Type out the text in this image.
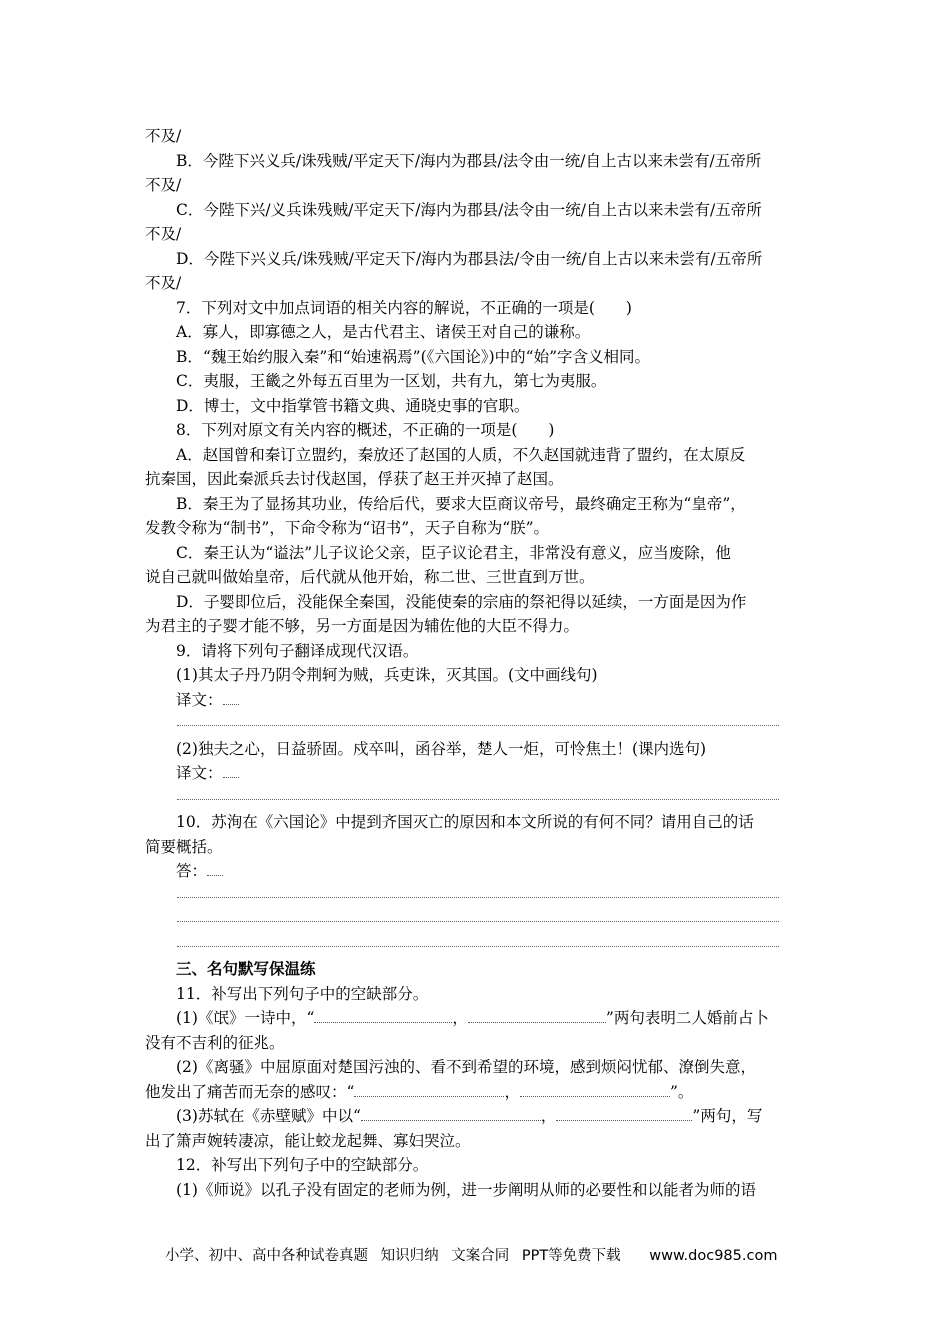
不及/
B．今陛下兴义兵/诛残贼/平定天下/海内为郡县/法令由一统/自上古以来未尝有/五帝所
不及/
C．今陛下兴/义兵诛残贼/平定天下/海内为郡县/法令由一统/自上古以来未尝有/五帝所
不及/
D．今陛下兴义兵/诛残贼/平定天下/海内为郡县法/令由一统/自上古以来未尝有/五帝所
不及/
7．下列对文中加点词语的相关内容的解说，不正确的一项是(　　)
A．寡人，即寡德之人，是古代君主、诸侯王对自己的谦称。
B．“魏王始约服入秦”和“始速祸焉”(《六国论》)中的“始”字含义相同。
C．夷服，王畿之外每五百里为一区划，共有九，第七为夷服。
D．博士，文中指掌管书籍文典、通晓史事的官职。
8．下列对原文有关内容的概述，不正确的一项是(　　)
A．赵国曾和秦订立盟约，秦放还了赵国的人质，不久赵国就违背了盟约，在太原反
抗秦国，因此秦派兵去讨伐赵国，俘获了赵王并灭掉了赵国。
B．秦王为了显扬其功业，传给后代，要求大臣商议帝号，最终确定王称为“皇帝”，
发教令称为“制书”，下命令称为“诏书”，天子自称为“朕”。
C．秦王认为“谥法”儿子议论父亲，臣子议论君主，非常没有意义，应当废除，他
说自己就叫做始皇帝，后代就从他开始，称二世、三世直到万世。
D．子婴即位后，没能保全秦国，没能使秦的宗庙的祭祀得以延续，一方面是因为作
为君主的子婴才能不够，另一方面是因为辅佐他的大臣不得力。
9．请将下列句子翻译成现代汉语。
(1)其太子丹乃阴令荆轲为贼，兵吏诛，灭其国。(文中画线句)
译文：
(2)独夫之心，日益骄固。戍卒叫，函谷举，楚人一炬，可怜焦土！(课内选句)
译文：
10．苏洵在《六国论》中提到齐国灭亡的原因和本文所说的有何不同？请用自己的话
简要概括。
答：
三、名句默写保温练
11．补写出下列句子中的空缺部分。
(1)《氓》一诗中，“	，	”两句表明二人婚前占卜
没有不吉利的征兆。
(2)《离骚》中屈原面对楚国污浊的、看不到希望的环境，感到烦闷忧郁、潦倒失意，
他发出了痛苦而无奈的感叹：“	，	”。
(3)苏轼在《赤壁赋》中以“	，	”两句，写
出了箫声婉转凄凉，能让蛟龙起舞、寡妇哭泣。
12．补写出下列句子中的空缺部分。
(1)《师说》以孔子没有固定的老师为例，进一步阐明从师的必要性和以能者为师的语
小学、初中、高中各种试卷真题 知识归纳 文案合同 PPT等免费下载 www.doc985.com
